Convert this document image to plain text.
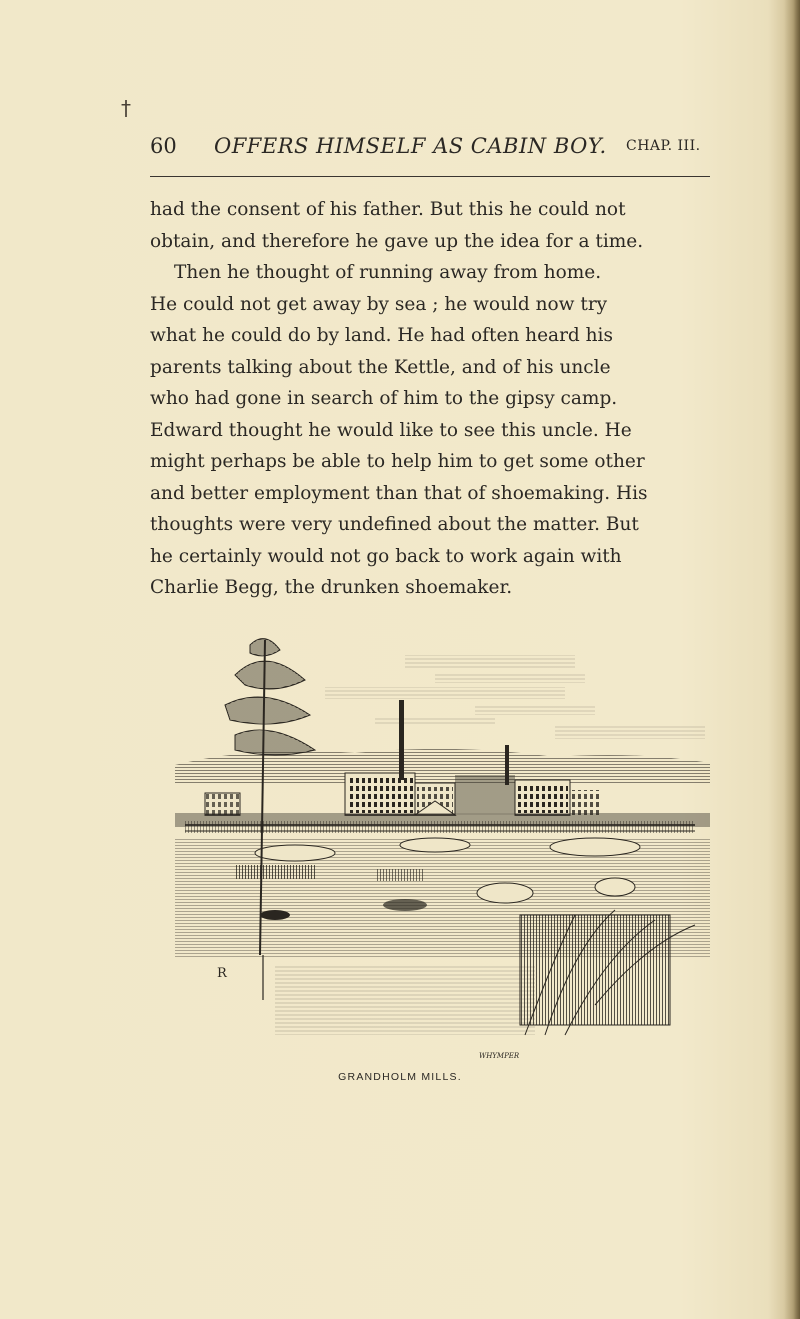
†
60 OFFERS HIMSELF AS CABIN BOY. CHAP. III.
had the consent of his father. But this he could not
obtain, and therefore he gave up the idea for a time.
Then he thought of running away from home.
He could not get away by sea ; he would now try
what he could do by land. He had often heard his
parents talking about the Kettle, and of his uncle
who had gone in search of him to the gipsy camp.
Edward thought he would like to see this uncle. He
might perhaps be able to help him to get some other
and better employment than that of shoemaking. His
thoughts were very undefined about the matter. But
he certainly would not go back to work again with
Charlie Begg, the drunken shoemaker.
R
WHYMPER
GRANDHOLM MILLS.
